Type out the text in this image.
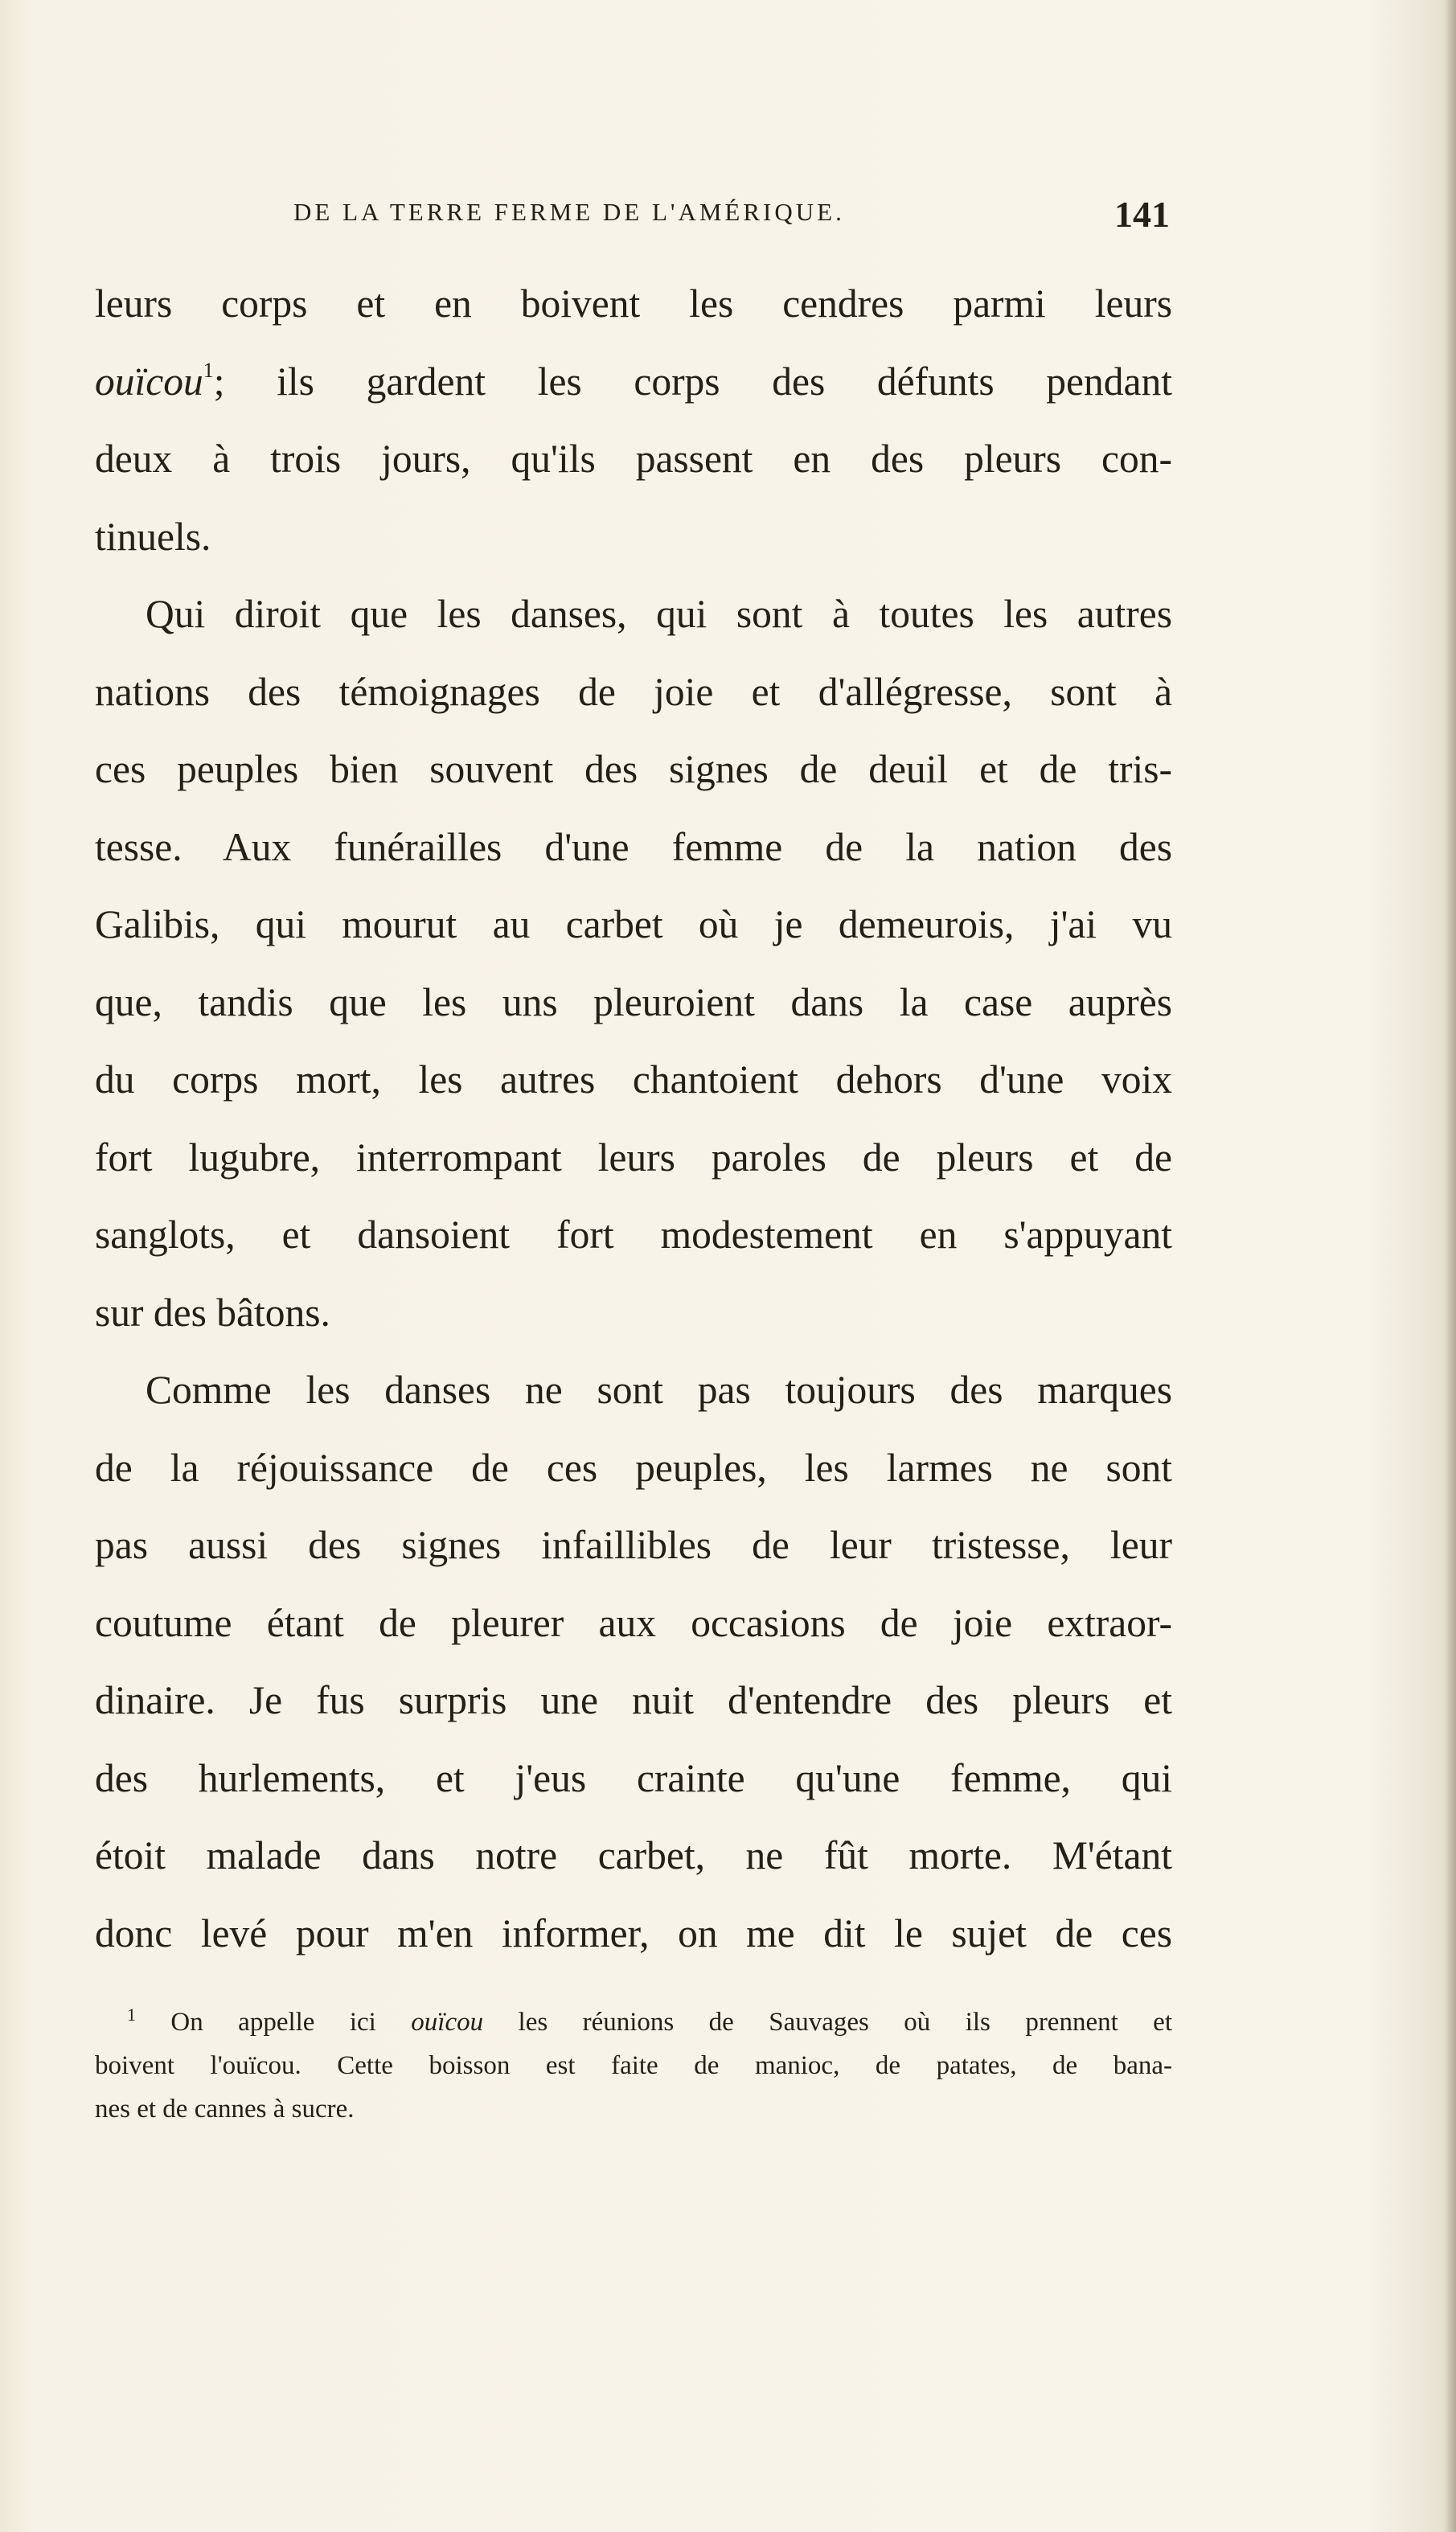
DE LA TERRE FERME DE L'AMÉRIQUE.	141
leurs corps et en boivent les cendres parmi leurs
ouïcou$^1$; ils gardent les corps des défunts pendant
deux à trois jours, qu'ils passent en des pleurs con-
tinuels.
Qui diroit que les danses, qui sont à toutes les autres
nations des témoignages de joie et d'allégresse, sont à
ces peuples bien souvent des signes de deuil et de tris-
tesse. Aux funérailles d'une femme de la nation des
Galibis, qui mourut au carbet où je demeurois, j'ai vu
que, tandis que les uns pleuroient dans la case auprès
du corps mort, les autres chantoient dehors d'une voix
fort lugubre, interrompant leurs paroles de pleurs et de
sanglots, et dansoient fort modestement en s'appuyant
sur des bâtons.
Comme les danses ne sont pas toujours des marques
de la réjouissance de ces peuples, les larmes ne sont
pas aussi des signes infaillibles de leur tristesse, leur
coutume étant de pleurer aux occasions de joie extraor-
dinaire. Je fus surpris une nuit d'entendre des pleurs et
des hurlements, et j'eus crainte qu'une femme, qui
étoit malade dans notre carbet, ne fût morte. M'étant
donc levé pour m'en informer, on me dit le sujet de ces
$^1$ On appelle ici ouïcou les réunions de Sauvages où ils prennent et
boivent l'ouïcou. Cette boisson est faite de manioc, de patates, de bana-
nes et de cannes à sucre.
